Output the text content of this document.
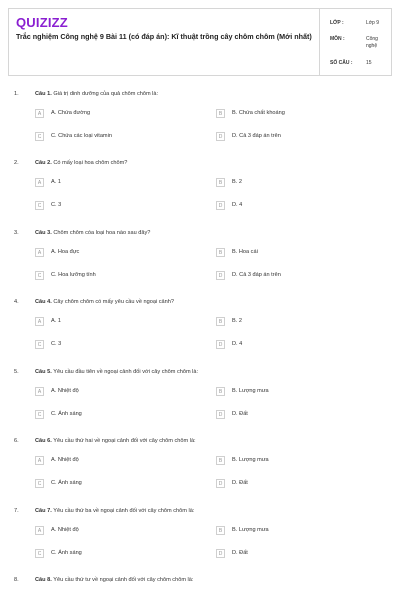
QUIZIZZ
Trắc nghiệm Công nghệ 9 Bài 11 (có đáp án): Kĩ thuật trồng cây chôm chôm (Mới nhất)
LỚP :	Lớp 9
MÔN :	Công nghệ
SỐ CÂU :	15
1.	Câu 1. Giá trị dinh dưỡng của quả chôm chôm là:
A	A. Chứa đường	B	B. Chứa chất khoáng
C	C. Chứa các loại vitamin	D	D. Cả 3 đáp án trên
2.	Câu 2. Có mấy loại hoa chôm chôm?
A	A. 1	B	B. 2
C	C. 3	D	D. 4
3.	Câu 3. Chôm chôm cóa loại hoa nào sau đây?
A	A. Hoa đực	B	B. Hoa cái
C	C. Hoa lưỡng tính	D	D. Cả 3 đáp án trên
4.	Câu 4. Cây chôm chôm có mấy yêu cầu về ngoại cảnh?
A	A. 1	B	B. 2
C	C. 3	D	D. 4
5.	Câu 5. Yêu cầu đầu tiên về ngoại cảnh đối với cây chôm chôm là:
A	A. Nhiệt độ	B	B. Lượng mưa
C	C. Ánh sáng	D	D. Đất
6.	Câu 6. Yêu cầu thứ hai về ngoại cảnh đối với cây chôm chôm là:
A	A. Nhiệt độ	B	B. Lượng mưa
C	C. Ánh sáng	D	D. Đất
7.	Câu 7. Yêu cầu thứ ba về ngoại cảnh đối với cây chôm chôm là:
A	A. Nhiệt độ	B	B. Lượng mưa
C	C. Ánh sáng	D	D. Đất
8.	Câu 8. Yêu cầu thứ tư về ngoại cảnh đối với cây chôm chôm là:
